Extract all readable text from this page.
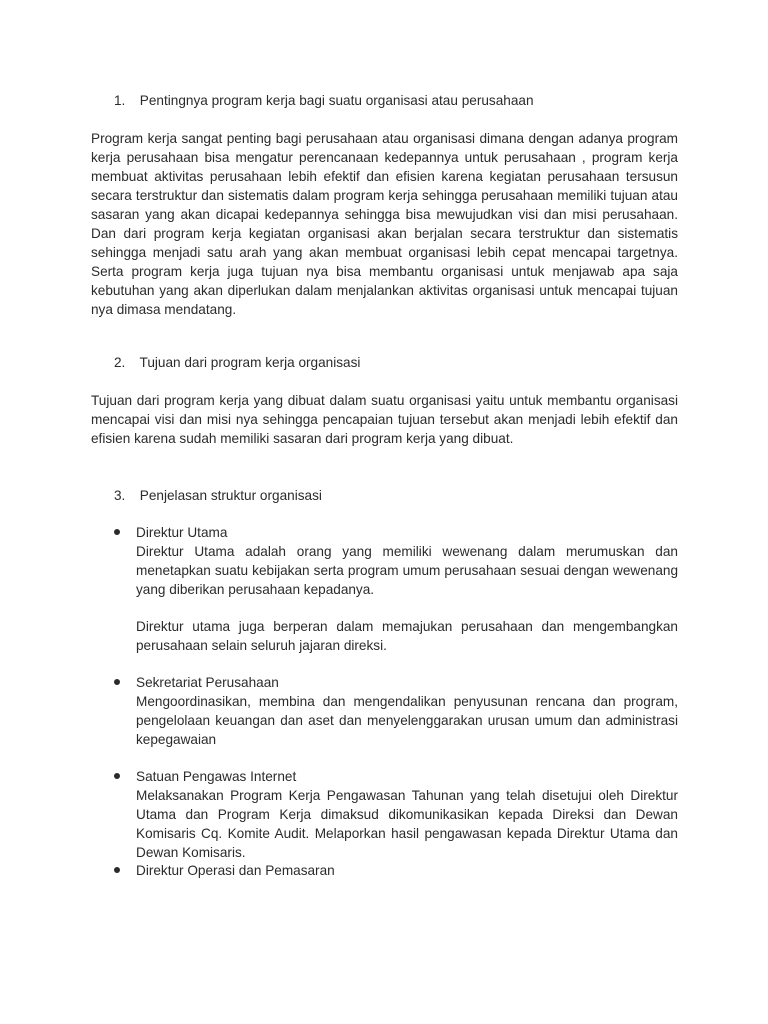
1. Pentingnya program kerja bagi suatu organisasi atau perusahaan

Program kerja sangat penting bagi perusahaan atau organisasi dimana dengan adanya program kerja perusahaan bisa mengatur perencanaan kedepannya untuk perusahaan , program kerja membuat aktivitas perusahaan lebih efektif dan efisien karena kegiatan perusahaan tersusun secara terstruktur dan sistematis dalam program kerja sehingga perusahaan memiliki tujuan atau sasaran yang akan dicapai kedepannya sehingga bisa mewujudkan visi dan misi perusahaan. Dan dari program kerja kegiatan organisasi akan berjalan secara terstruktur dan sistematis sehingga menjadi satu arah yang akan membuat organisasi lebih cepat mencapai targetnya. Serta program kerja juga tujuan nya bisa membantu organisasi untuk menjawab apa saja kebutuhan yang akan diperlukan dalam menjalankan aktivitas organisasi untuk mencapai tujuan nya dimasa mendatang.

2. Tujuan dari program kerja organisasi

Tujuan dari program kerja yang dibuat dalam suatu organisasi yaitu untuk membantu organisasi mencapai visi dan misi nya sehingga pencapaian tujuan tersebut akan menjadi lebih efektif dan efisien karena sudah memiliki sasaran dari program kerja yang dibuat.

3. Penjelasan struktur organisasi
Direktur Utama

Direktur Utama adalah orang yang memiliki wewenang dalam merumuskan dan menetapkan suatu kebijakan serta program umum perusahaan sesuai dengan wewenang yang diberikan perusahaan kepadanya.

Direktur utama juga berperan dalam memajukan perusahaan dan mengembangkan perusahaan selain seluruh jajaran direksi.

Sekretariat Perusahaan

Mengoordinasikan, membina dan mengendalikan penyusunan rencana dan program, pengelolaan keuangan dan aset dan menyelenggarakan urusan umum dan administrasi kepegawaian

Satuan Pengawas Internet

Melaksanakan Program Kerja Pengawasan Tahunan yang telah disetujui oleh Direktur Utama dan Program Kerja dimaksud dikomunikasikan kepada Direksi dan Dewan Komisaris Cq. Komite Audit. Melaporkan hasil pengawasan kepada Direktur Utama dan Dewan Komisaris.

Direktur Operasi dan Pemasaran
